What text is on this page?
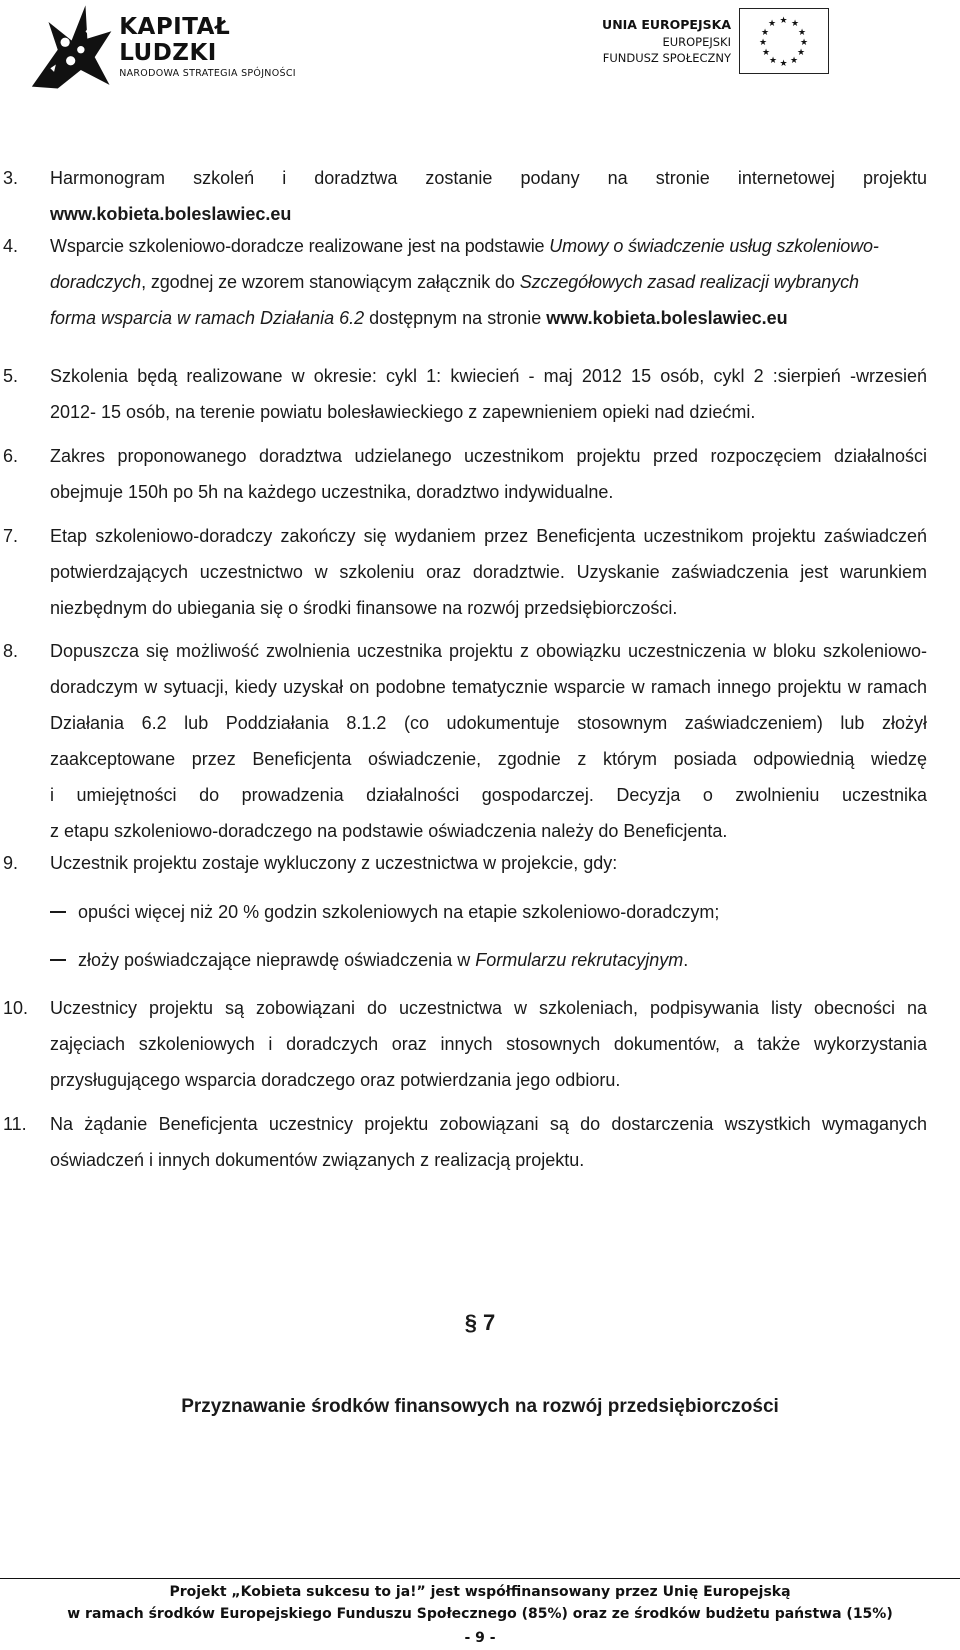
KAPITAŁ LUDZKI
NARODOWA STRATEGIA SPÓJNOŚCI
UNIA EUROPEJSKA
EUROPEJSKI
FUNDUSZ SPOŁECZNY
★ ★
★
★
★
★
★
★
★
★
★
★
3. Harmonogram szkoleń i doradztwa zostanie podany na stronie internetowej projektu
www.kobieta.boleslawiec.eu
4. Wsparcie szkoleniowo-doradcze realizowane jest na podstawie Umowy o świadczenie usług szkoleniowo-
doradczych, zgodnej ze wzorem stanowiącym załącznik do Szczegółowych zasad realizacji wybranych
forma wsparcia w ramach Działania 6.2 dostępnym na stronie www.kobieta.boleslawiec.eu
5. Szkolenia będą realizowane w okresie: cykl 1: kwiecień - maj 2012 15 osób, cykl 2 :sierpień -wrzesień
2012- 15 osób, na terenie powiatu bolesławieckiego z zapewnieniem opieki nad dziećmi.
6. Zakres proponowanego doradztwa udzielanego uczestnikom projektu przed rozpoczęciem działalności
obejmuje 150h po 5h na każdego uczestnika, doradztwo indywidualne.
7. Etap szkoleniowo-doradczy zakończy się wydaniem przez Beneficjenta uczestnikom projektu zaświadczeń
potwierdzających uczestnictwo w szkoleniu oraz doradztwie. Uzyskanie zaświadczenia jest warunkiem
niezbędnym do ubiegania się o środki finansowe na rozwój przedsiębiorczości.
8. Dopuszcza się możliwość zwolnienia uczestnika projektu z obowiązku uczestniczenia w bloku szkoleniowo-
doradczym w sytuacji, kiedy uzyskał on podobne tematycznie wsparcie w ramach innego projektu w ramach
Działania 6.2 lub Poddziałania 8.1.2 (co udokumentuje stosownym zaświadczeniem) lub złożył
zaakceptowane przez Beneficjenta oświadczenie, zgodnie z którym posiada odpowiednią wiedzę
i umiejętności do prowadzenia działalności gospodarczej. Decyzja o zwolnieniu uczestnika
z etapu szkoleniowo-doradczego na podstawie oświadczenia należy do Beneficjenta.
9. Uczestnik projektu zostaje wykluczony z uczestnictwa w projekcie, gdy:
opuści więcej niż 20 % godzin szkoleniowych na etapie szkoleniowo-doradczym;
złoży poświadczające nieprawdę oświadczenia w Formularzu rekrutacyjnym.
10. Uczestnicy projektu są zobowiązani do uczestnictwa w szkoleniach, podpisywania listy obecności na
zajęciach szkoleniowych i doradczych oraz innych stosownych dokumentów, a także wykorzystania
przysługującego wsparcia doradczego oraz potwierdzania jego odbioru.
11. Na żądanie Beneficjenta uczestnicy projektu zobowiązani są do dostarczenia wszystkich wymaganych
oświadczeń i innych dokumentów związanych z realizacją projektu.
§ 7
Przyznawanie środków finansowych na rozwój przedsiębiorczości
Projekt „Kobieta sukcesu to ja!” jest współfinansowany przez Unię Europejską
w ramach środków Europejskiego Funduszu Społecznego (85%) oraz ze środków budżetu państwa (15%)
- 9 -
